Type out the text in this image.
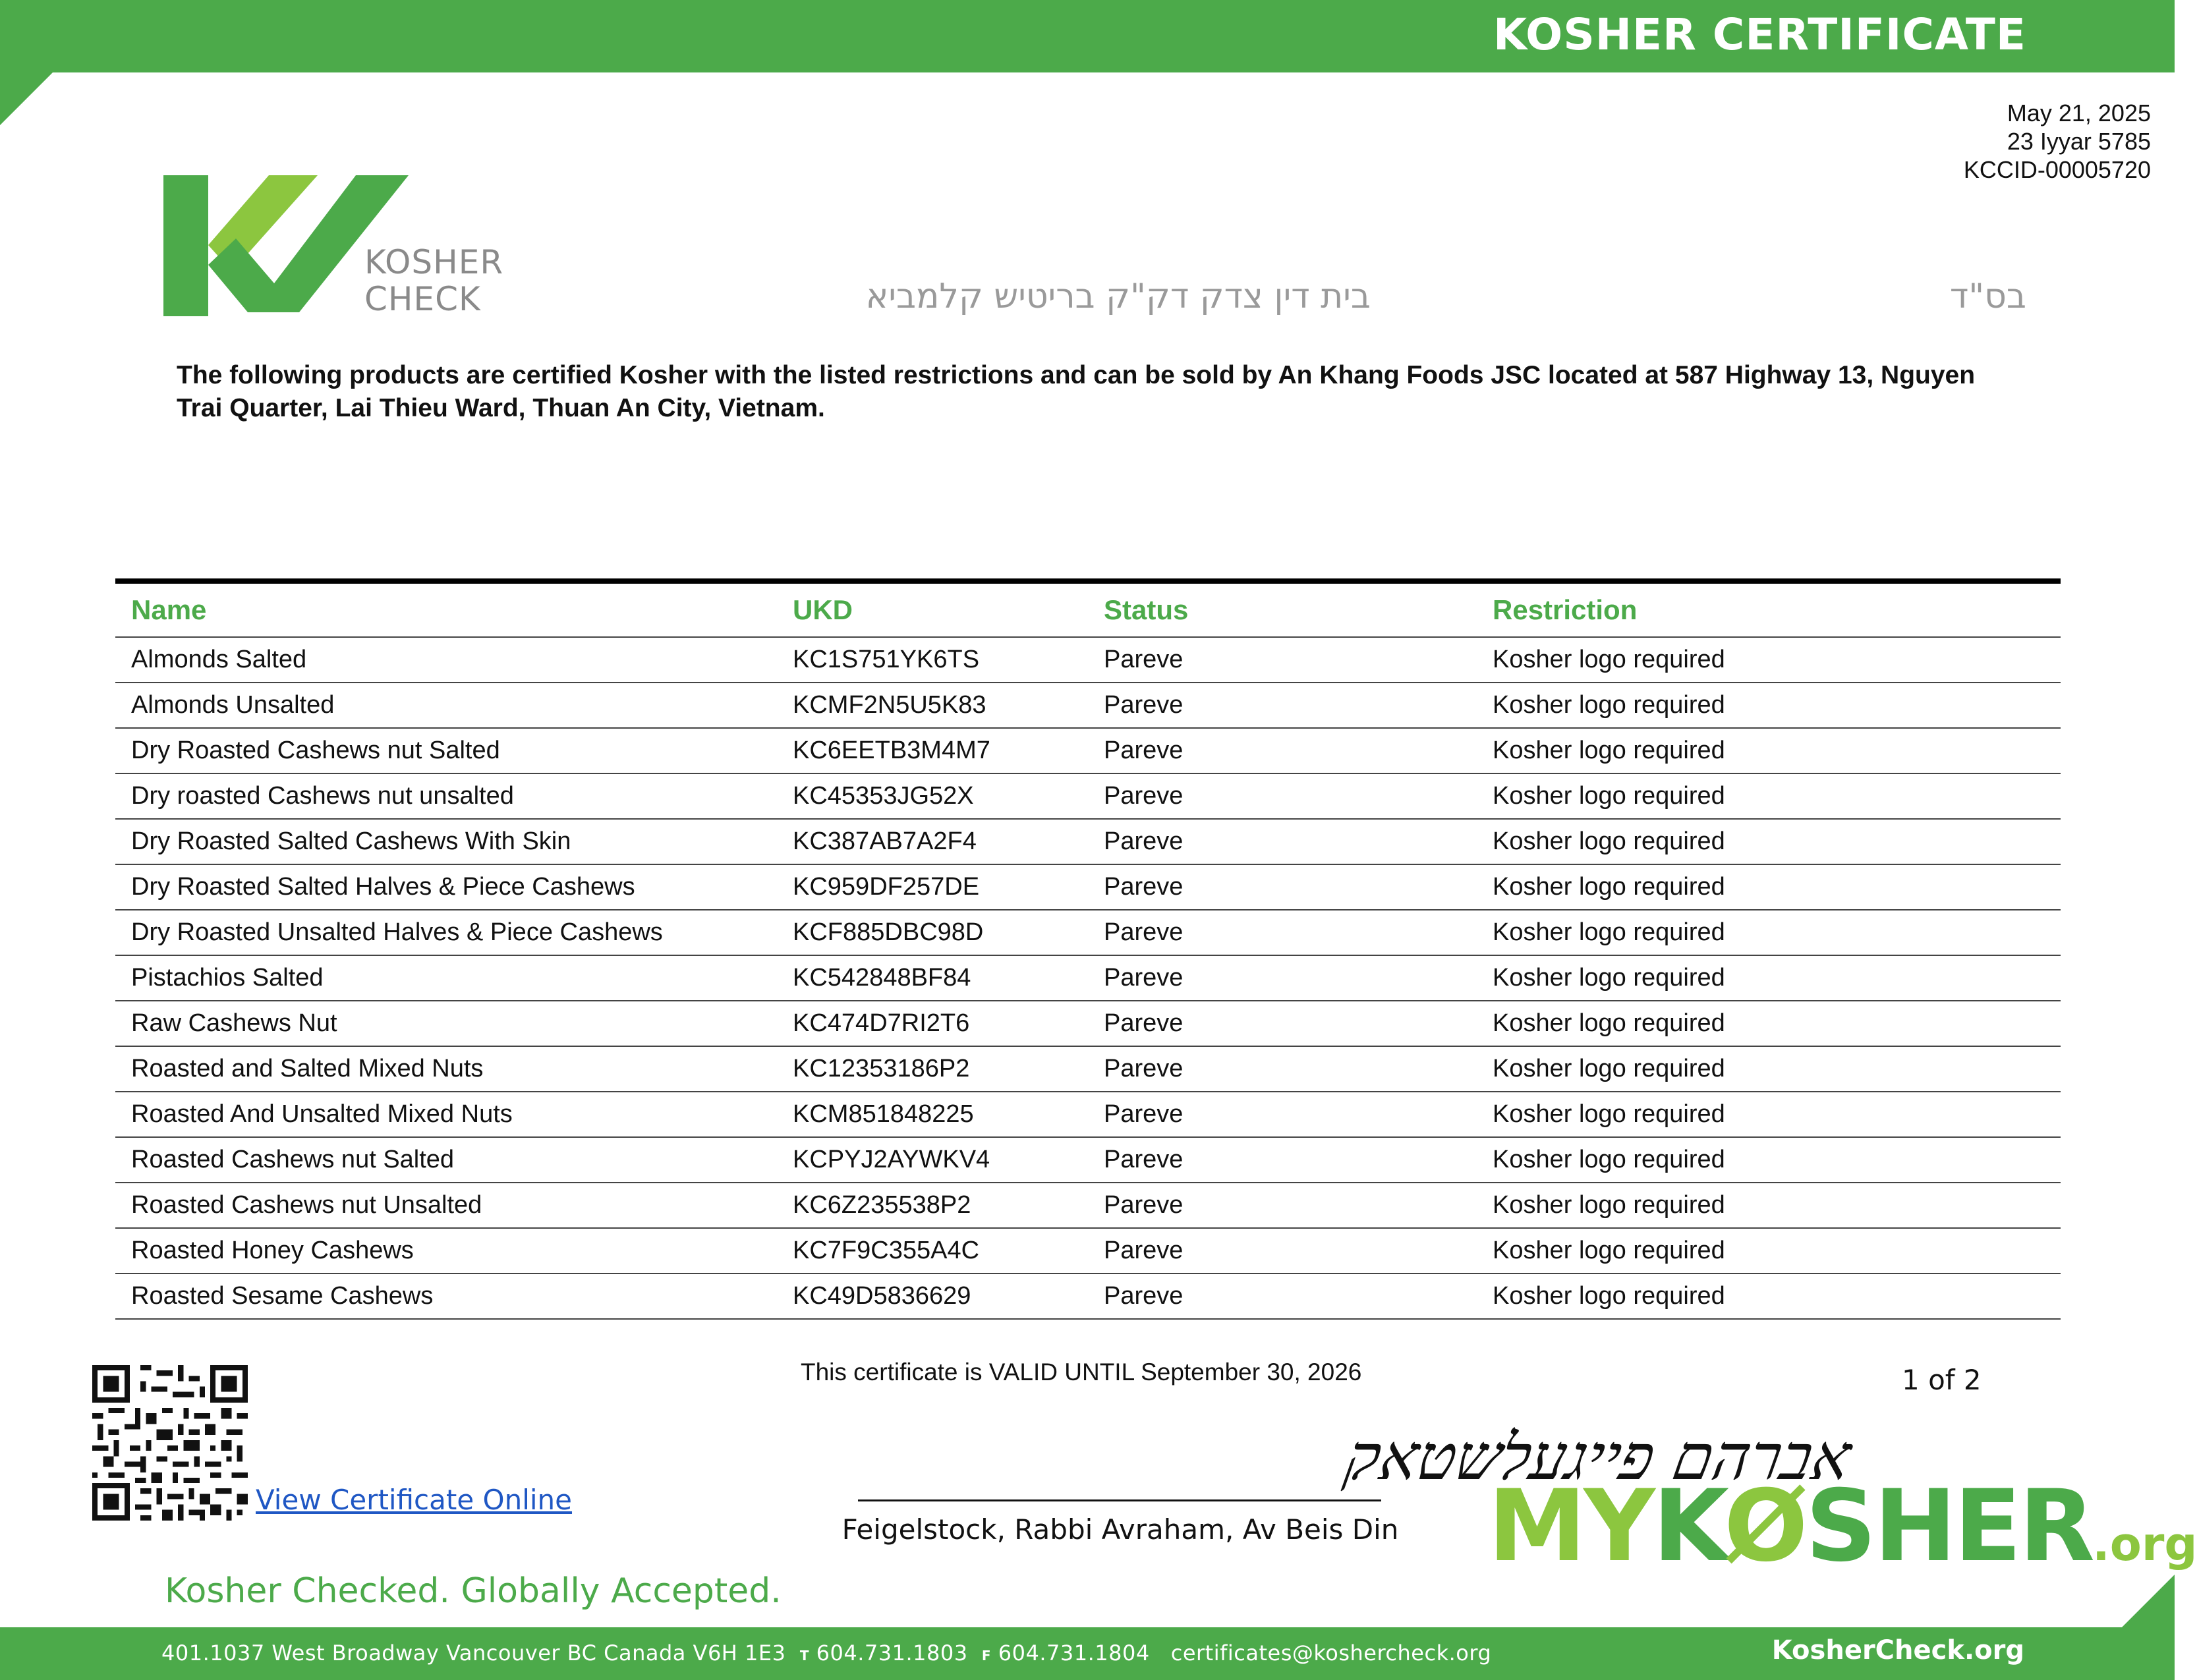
KOSHER CERTIFICATE
May 21, 2025
23 Iyyar 5785
KCCID-00005720
KOSHER
CHECK	בית דין צדק דק"ק בריטיש קלמביא	בס"ד
The following products are certified Kosher with the listed restrictions and can be sold by An Khang Foods JSC located at 587 Highway 13, Nguyen Trai Quarter, Lai Thieu Ward, Thuan An City, Vietnam.
Name	UKD	Status	Restriction
Almonds Salted	KC1S751YK6TS	Pareve	Kosher logo required
Almonds Unsalted	KCMF2N5U5K83	Pareve	Kosher logo required
Dry Roasted Cashews nut Salted	KC6EETB3M4M7	Pareve	Kosher logo required
Dry roasted Cashews nut unsalted	KC45353JG52X	Pareve	Kosher logo required
Dry Roasted Salted Cashews With Skin	KC387AB7A2F4	Pareve	Kosher logo required
Dry Roasted Salted Halves & Piece Cashews	KC959DF257DE	Pareve	Kosher logo required
Dry Roasted Unsalted Halves & Piece Cashews	KCF885DBC98D	Pareve	Kosher logo required
Pistachios Salted	KC542848BF84	Pareve	Kosher logo required
Raw Cashews Nut	KC474D7RI2T6	Pareve	Kosher logo required
Roasted and Salted Mixed Nuts	KC12353186P2	Pareve	Kosher logo required
Roasted And Unsalted Mixed Nuts	KCM851848225	Pareve	Kosher logo required
Roasted Cashews nut Salted	KCPYJ2AYWKV4	Pareve	Kosher logo required
Roasted Cashews nut Unsalted	KC6Z235538P2	Pareve	Kosher logo required
Roasted Honey Cashews	KC7F9C355A4C	Pareve	Kosher logo required
Roasted Sesame Cashews	KC49D5836629	Pareve	Kosher logo required
View Certificate Online
This certificate is VALID UNTIL September 30, 2026	1 of 2
אברהם פייגעלשטאק
Feigelstock, Rabbi Avraham, Av Beis Din MYKØSHER.org
Kosher Checked. Globally Accepted.
401.1037 West Broadway Vancouver BC Canada V6H 1E3 T 604.731.1803 F 604.731.1804 certificates@koshercheck.org	KosherCheck.org
